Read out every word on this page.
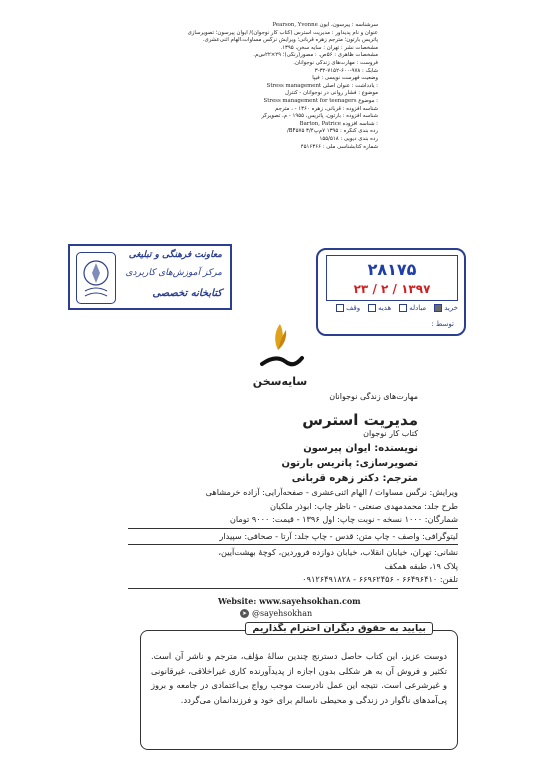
Pearson, Yvonne سرشناسه : پیرسون، ایون
عنوان و نام پدیدآور : مدیریت استرس (کتاب کار نوجوان)/ ایوان پیرسون؛ تصویرسازی
پاتریس بارتون؛ مترجم زهره قربانی؛ ویرایش نرگس مساوات،الهام اثنی‌عشری.
مشخصات نشر : تهران : سایه سخن، ۱۳۹۵.
مشخصات ظاهری : ۵۶ص. : مصور(رنگی)؛ ۲۹×۲۲س‌م.
فروست : مهارت‌های زندگی نوجوانان.
شابک : ۹۷۸-۶۰۰-۷۱۵۲-۳۲-۳
وضعیت فهرست نویسی : فیپا
Stress management یادداشت : عنوان اصلی :
موضوع : فشار روانی در نوجوانان - کنترل
Stress management for teenagers موضوع :
شناسه افزوده : قربانی، زهره ۱۳۶۰ - ، مترجم
شناسه افزوده : بارتون، پاتریس، ۱۹۵۵ - م، تصویرگر
Barton, Patrice شناسه افزوده :
رده بندی کنگره : ۱۳۹۵ ۷م‌پ۴/BF۵۷۵ ۳/
رده بندی دیویی : ۱۵۵/۵۱۸
شماره کتابشناسی ملی : ۴۵۱۶۳۶۶
معاونت فرهنگی و تبلیغی
مرکز آموزش‌های کاربردی
کتابخانه تخصصی
۲۸۱۷۵
۱۳۹۷ / ۲ / ۲۳
خرید
مبادله
هدیه
وقف
توسط :
سایه‌سخن
مهارت‌های زندگی نوجوانان
مدیریت استرس
کتاب کار نوجوان
نویسنده: ایوان پیرسون
تصویرسازی: پاتریس بارتون
مترجم: دکتر زهره قربانی
ویرایش: نرگس مساوات / الهام اثنی‌عشری - صفحه‌آرایی: آزاده خرمشاهی
طرح جلد: محمدمهدی صنعتی - ناظر چاپ: ابوذر ملکیان
شمارگان: ۱۰۰۰ نسخه - نوبت چاپ: اول ۱۳۹۶ - قیمت: ۹۰۰۰ تومان
لیتوگرافی: واصف - چاپ متن: قدس - چاپ جلد: آرتا - صحافی: سپیدار
نشانی: تهران، خیابان انقلاب، خیابان دوازده فروردین، کوچهٔ بهشت‌آیین،
پلاک ۱۹، طبقه همکف
تلفن: ۶۶۴۹۶۴۱۰ - ۶۶۹۶۲۴۵۶ - ۰۹۱۲۶۴۹۱۸۲۸
Website: www.sayehsokhan.com
➤ @sayehsokhan
بیایید به حقوق دیگران احترام بگذاریم
دوست عزیز، این کتاب حاصل دسترنج چندین سالهٔ مؤلف، مترجم و ناشر آن است. تکثیر و فروش آن به هر شکلی بدون اجازه از پدیدآورنده کاری غیراخلاقی، غیرقانونی و غیرشرعی است. نتیجه این عمل نادرست موجب رواج بی‌اعتمادی در جامعه و بروز پی‌آمدهای ناگوار در زندگی و محیطی ناسالم برای خود و فرزندانمان می‌گردد.
